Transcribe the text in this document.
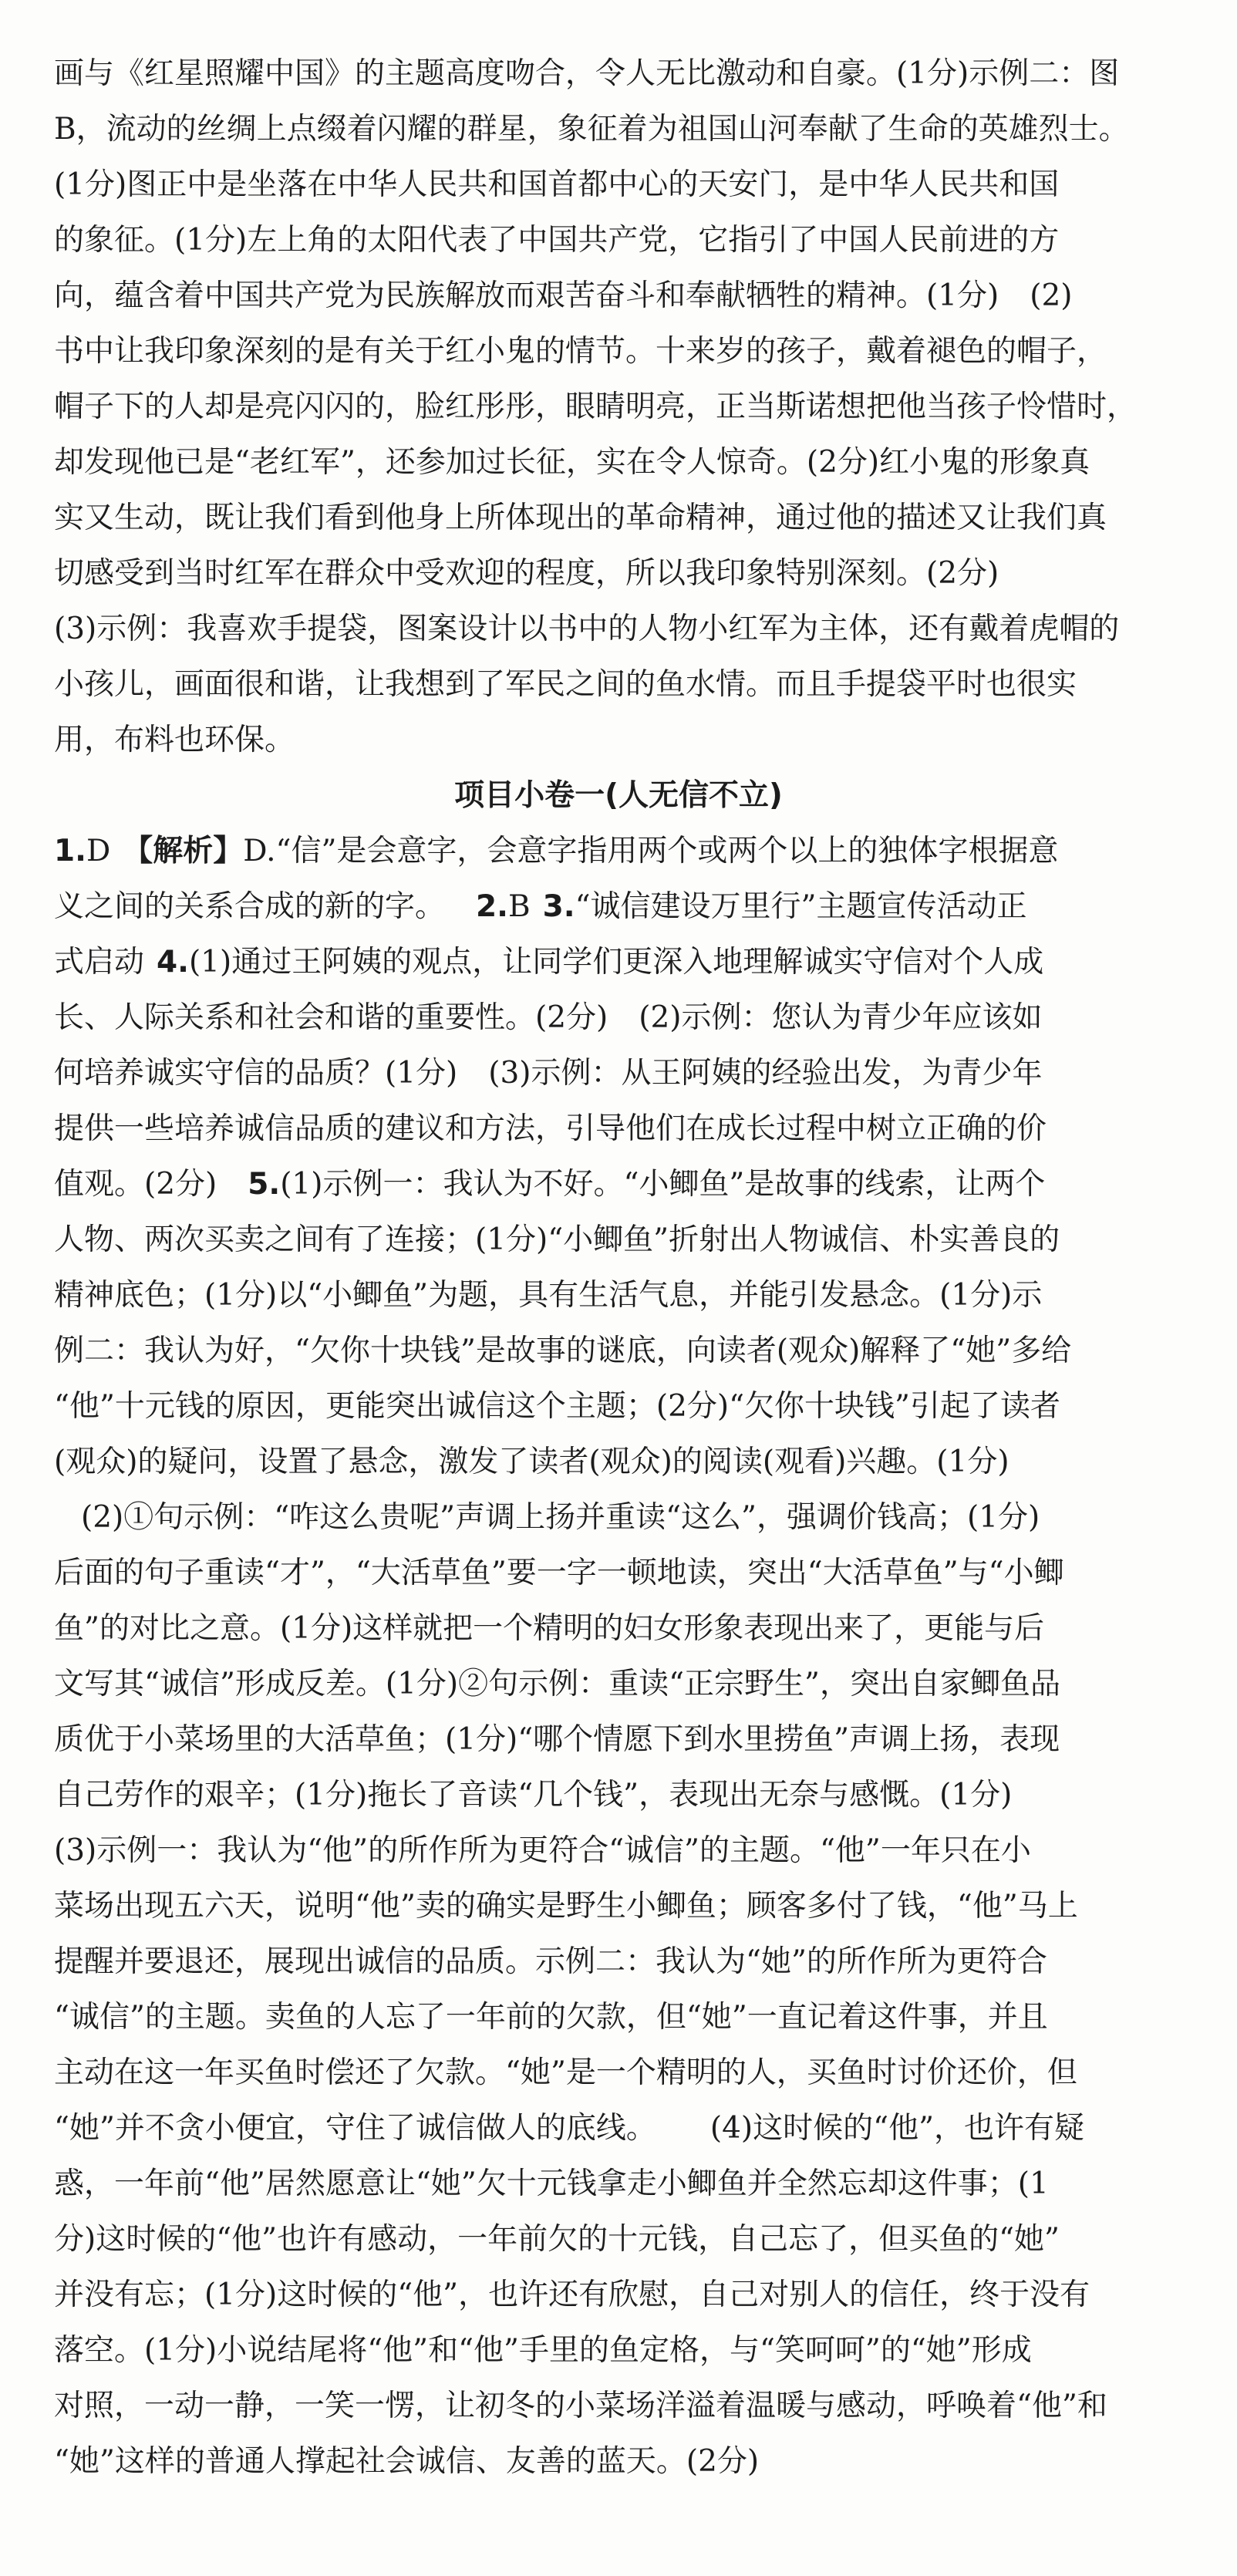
画与《红星照耀中国》的主题高度吻合，令人无比激动和自豪。(1分)示例二：图
B，流动的丝绸上点缀着闪耀的群星，象征着为祖国山河奉献了生命的英雄烈士。
(1分)图正中是坐落在中华人民共和国首都中心的天安门，是中华人民共和国
的象征。(1分)左上角的太阳代表了中国共产党，它指引了中国人民前进的方
向，蕴含着中国共产党为民族解放而艰苦奋斗和奉献牺牲的精神。(1分) (2)
书中让我印象深刻的是有关于红小鬼的情节。十来岁的孩子，戴着褪色的帽子，
帽子下的人却是亮闪闪的，脸红彤彤，眼睛明亮，正当斯诺想把他当孩子怜惜时，
却发现他已是“老红军”，还参加过长征，实在令人惊奇。(2分)红小鬼的形象真
实又生动，既让我们看到他身上所体现出的革命精神，通过他的描述又让我们真
切感受到当时红军在群众中受欢迎的程度，所以我印象特别深刻。(2分)
(3)示例：我喜欢手提袋，图案设计以书中的人物小红军为主体，还有戴着虎帽的
小孩儿，画面很和谐，让我想到了军民之间的鱼水情。而且手提袋平时也很实
用，布料也环保。
项目小卷一(人无信不立)
1.D 【解析】D.“信”是会意字，会意字指用两个或两个以上的独体字根据意
义之间的关系合成的新的字。 2.B 3.“诚信建设万里行”主题宣传活动正
式启动 4.(1)通过王阿姨的观点，让同学们更深入地理解诚实守信对个人成
长、人际关系和社会和谐的重要性。(2分) (2)示例：您认为青少年应该如
何培养诚实守信的品质？(1分) (3)示例：从王阿姨的经验出发，为青少年
提供一些培养诚信品质的建议和方法，引导他们在成长过程中树立正确的价
值观。(2分) 5.(1)示例一：我认为不好。“小鲫鱼”是故事的线索，让两个
人物、两次买卖之间有了连接；(1分)“小鲫鱼”折射出人物诚信、朴实善良的
精神底色；(1分)以“小鲫鱼”为题，具有生活气息，并能引发悬念。(1分)示
例二：我认为好，“欠你十块钱”是故事的谜底，向读者(观众)解释了“她”多给
“他”十元钱的原因，更能突出诚信这个主题；(2分)“欠你十块钱”引起了读者
(观众)的疑问，设置了悬念，激发了读者(观众)的阅读(观看)兴趣。(1分)
(2)①句示例：“咋这么贵呢”声调上扬并重读“这么”，强调价钱高；(1分)
后面的句子重读“才”，“大活草鱼”要一字一顿地读，突出“大活草鱼”与“小鲫
鱼”的对比之意。(1分)这样就把一个精明的妇女形象表现出来了，更能与后
文写其“诚信”形成反差。(1分)②句示例：重读“正宗野生”，突出自家鲫鱼品
质优于小菜场里的大活草鱼；(1分)“哪个情愿下到水里捞鱼”声调上扬，表现
自己劳作的艰辛；(1分)拖长了音读“几个钱”，表现出无奈与感慨。(1分)
(3)示例一：我认为“他”的所作所为更符合“诚信”的主题。“他”一年只在小
菜场出现五六天，说明“他”卖的确实是野生小鲫鱼；顾客多付了钱，“他”马上
提醒并要退还，展现出诚信的品质。示例二：我认为“她”的所作所为更符合
“诚信”的主题。卖鱼的人忘了一年前的欠款，但“她”一直记着这件事，并且
主动在这一年买鱼时偿还了欠款。“她”是一个精明的人，买鱼时讨价还价，但
“她”并不贪小便宜，守住了诚信做人的底线。 (4)这时候的“他”，也许有疑
惑，一年前“他”居然愿意让“她”欠十元钱拿走小鲫鱼并全然忘却这件事；(1
分)这时候的“他”也许有感动，一年前欠的十元钱，自己忘了，但买鱼的“她”
并没有忘；(1分)这时候的“他”，也许还有欣慰，自己对别人的信任，终于没有
落空。(1分)小说结尾将“他”和“他”手里的鱼定格，与“笑呵呵”的“她”形成
对照，一动一静，一笑一愣，让初冬的小菜场洋溢着温暖与感动，呼唤着“他”和
“她”这样的普通人撑起社会诚信、友善的蓝天。(2分)
